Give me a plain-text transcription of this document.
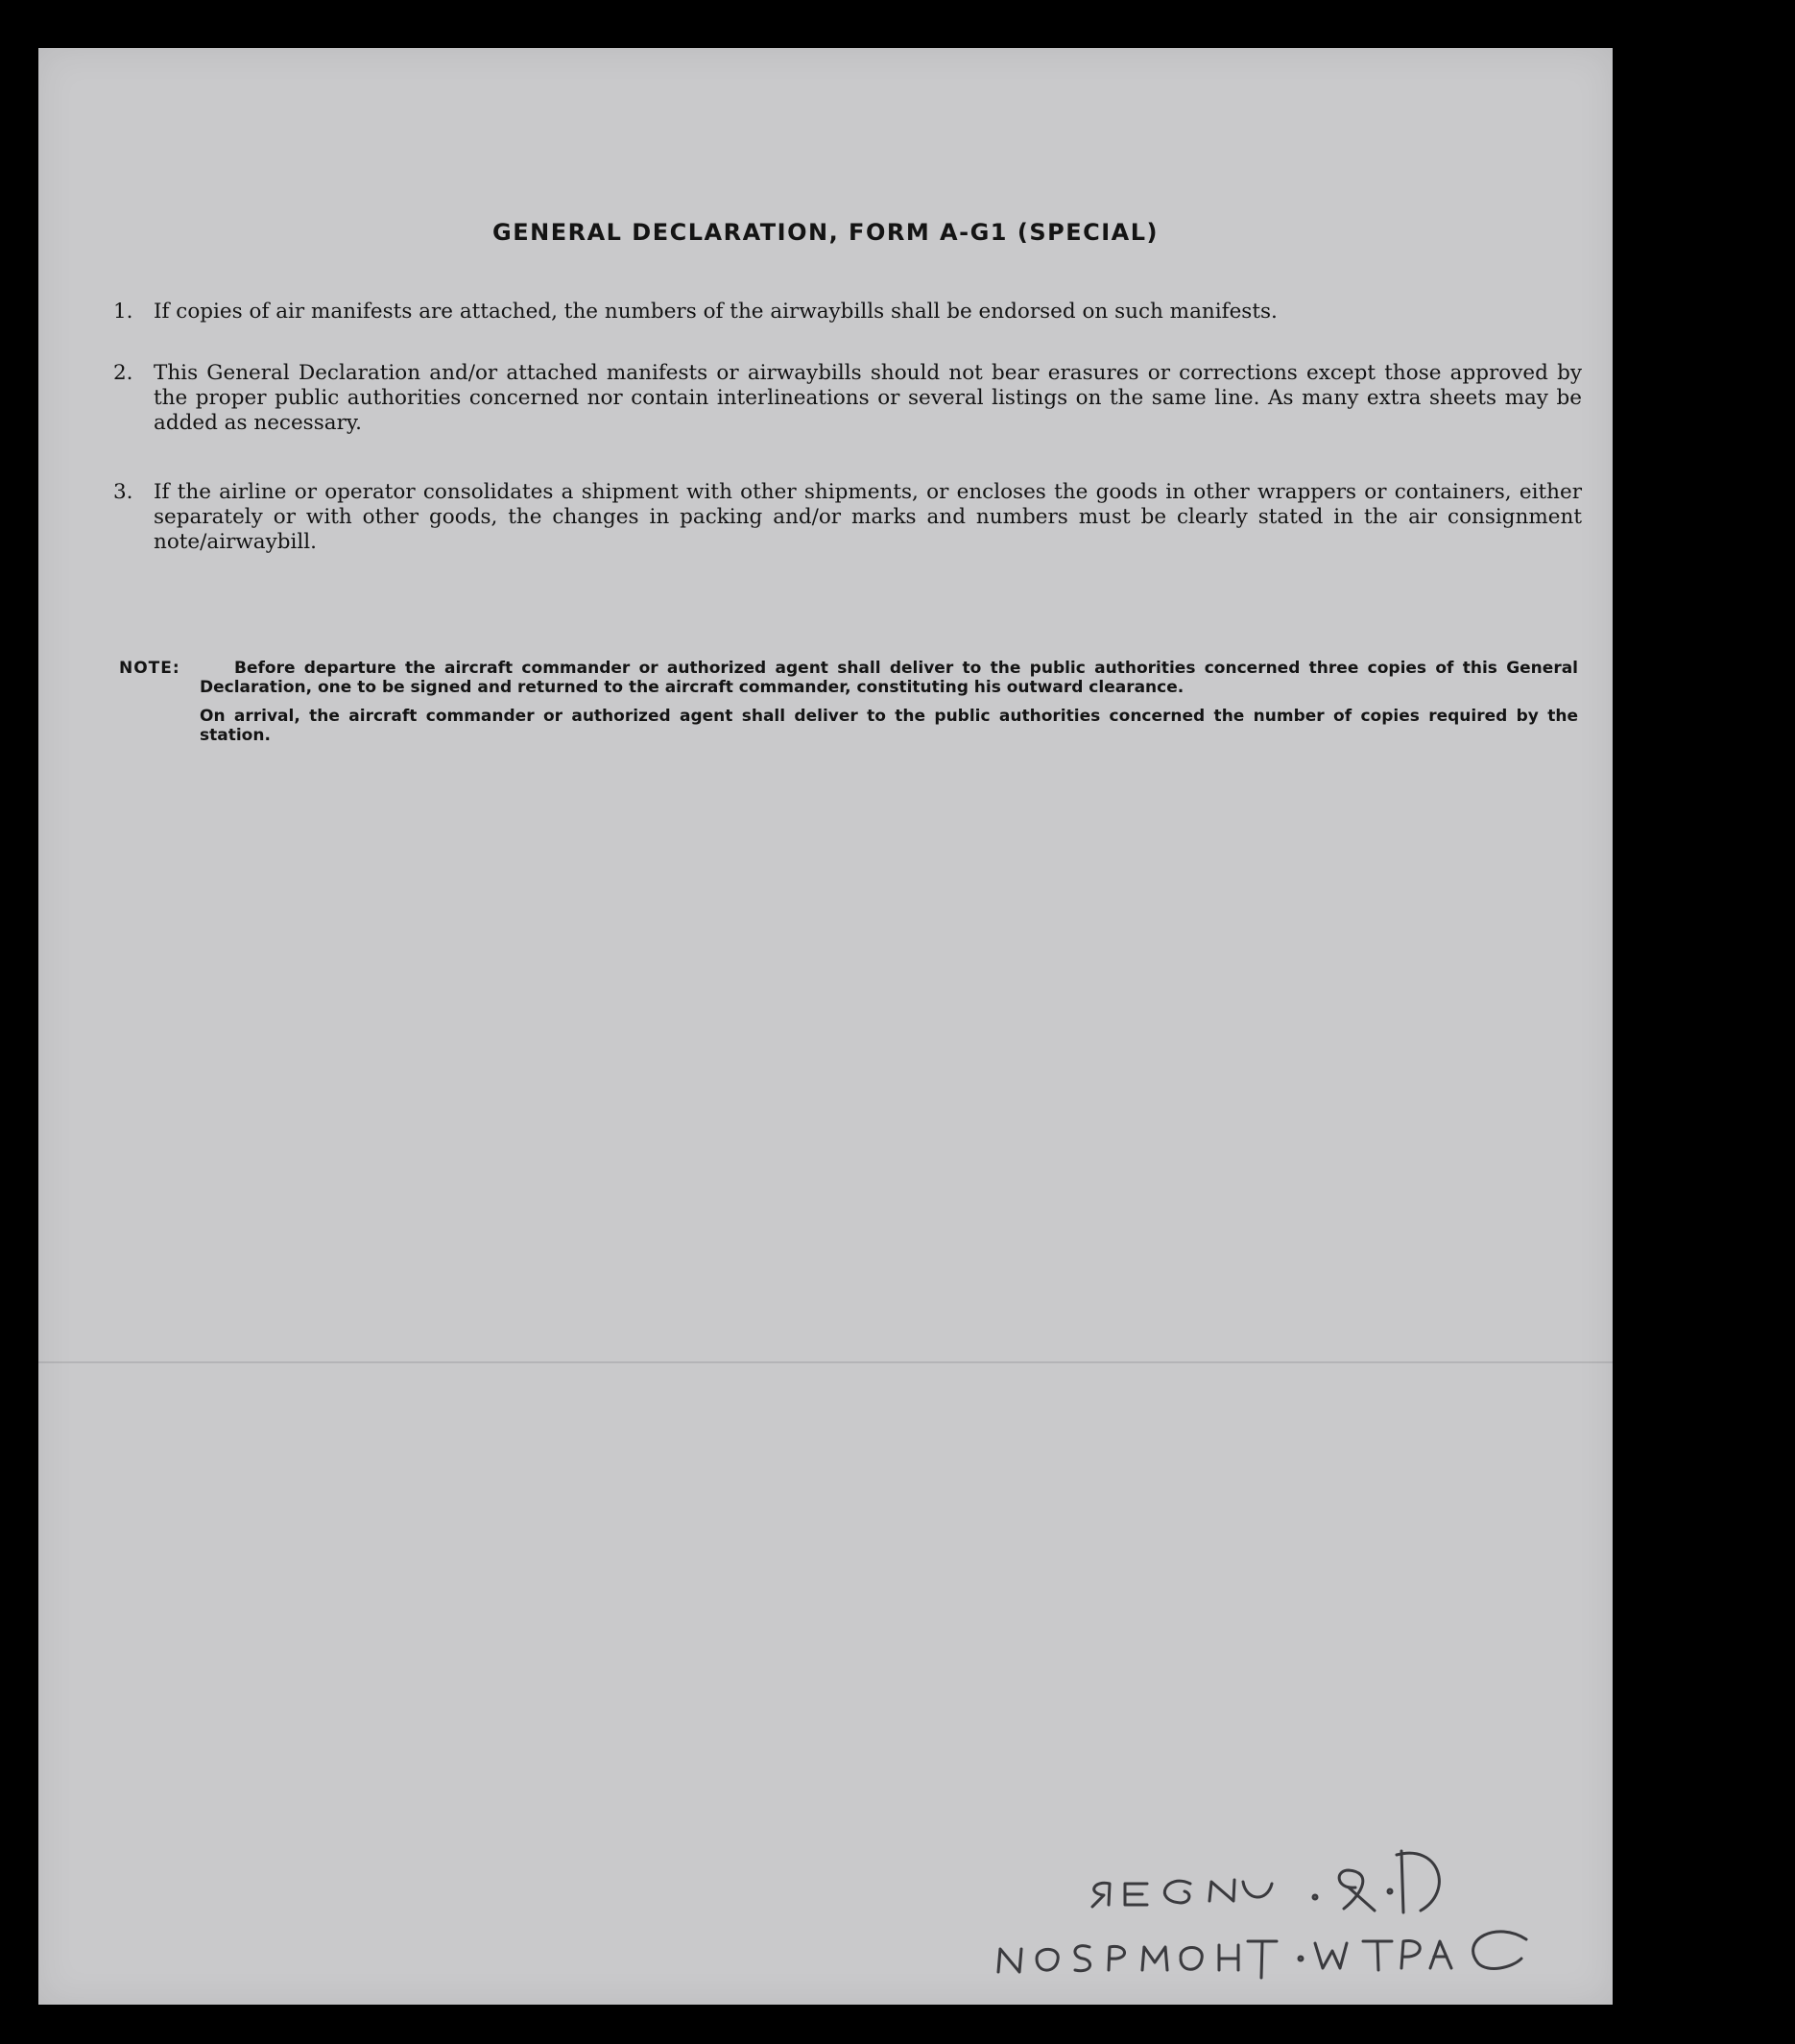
GENERAL DECLARATION, FORM A-G1 (SPECIAL)
1. If copies of air manifests are attached, the numbers of the airwaybills shall be endorsed on such manifests.
2. This General Declaration and/or attached manifests or airwaybills should not bear erasures or corrections except those approved by the proper public authorities concerned nor contain interlineations or several listings on the same line. As many extra sheets may be added as necessary.
3. If the airline or operator consolidates a shipment with other shipments, or encloses the goods in other wrappers or containers, either separately or with other goods, the changes in packing and/or marks and numbers must be clearly stated in the air consignment note/airwaybill.
NOTE:	Before departure the aircraft commander or authorized agent shall deliver to the public authorities concerned three copies of this General Declaration, one to be signed and returned to the aircraft commander, constituting his outward clearance.

On arrival, the aircraft commander or authorized agent shall deliver to the public authorities concerned the number of copies required by the station.
